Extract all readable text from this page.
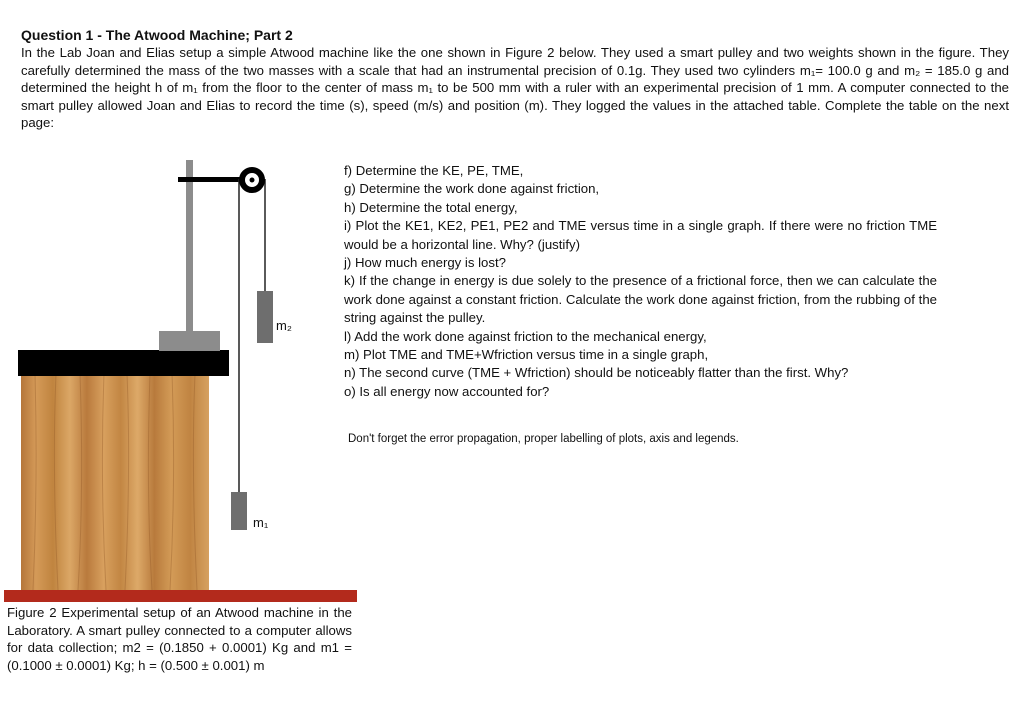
Question 1 - The Atwood Machine; Part 2

In the Lab Joan and Elias setup a simple Atwood machine like the one shown in Figure 2 below. They used a smart pulley and two weights shown in the figure. They carefully determined the mass of the two masses with a scale that had an instrumental precision of 0.1g. They used two cylinders m₁= 100.0 g and m₂ = 185.0 g and determined the height h of m₁ from the floor to the center of mass m₁ to be 500 mm with a ruler with an experimental precision of 1 mm. A computer connected to the smart pulley allowed Joan and Elias to record the time (s), speed (m/s) and position (m). They logged the values in the attached table. Complete the table on the next page:

m₂
m₁

Figure 2 Experimental setup of an Atwood machine in the Laboratory. A smart pulley connected to a computer allows for data collection; m2 = (0.1850 + 0.0001) Kg and m1 = (0.1000 ± 0.0001) Kg; h = (0.500 ± 0.001) m

f) Determine the KE, PE, TME,
g) Determine the work done against friction,
h) Determine the total energy,
i) Plot the KE1, KE2, PE1, PE2 and TME versus time in a single graph. If there were no friction TME would be a horizontal line. Why? (justify)
j) How much energy is lost?
k) If the change in energy is due solely to the presence of a frictional force, then we can calculate the work done against a constant friction. Calculate the work done against friction, from the rubbing of the string against the pulley.
l) Add the work done against friction to the mechanical energy,
m) Plot TME and TME+Wfriction versus time in a single graph,
n) The second curve (TME + Wfriction) should be noticeably flatter than the first. Why?
o) Is all energy now accounted for?

Don't forget the error propagation, proper labelling of plots, axis and legends.
